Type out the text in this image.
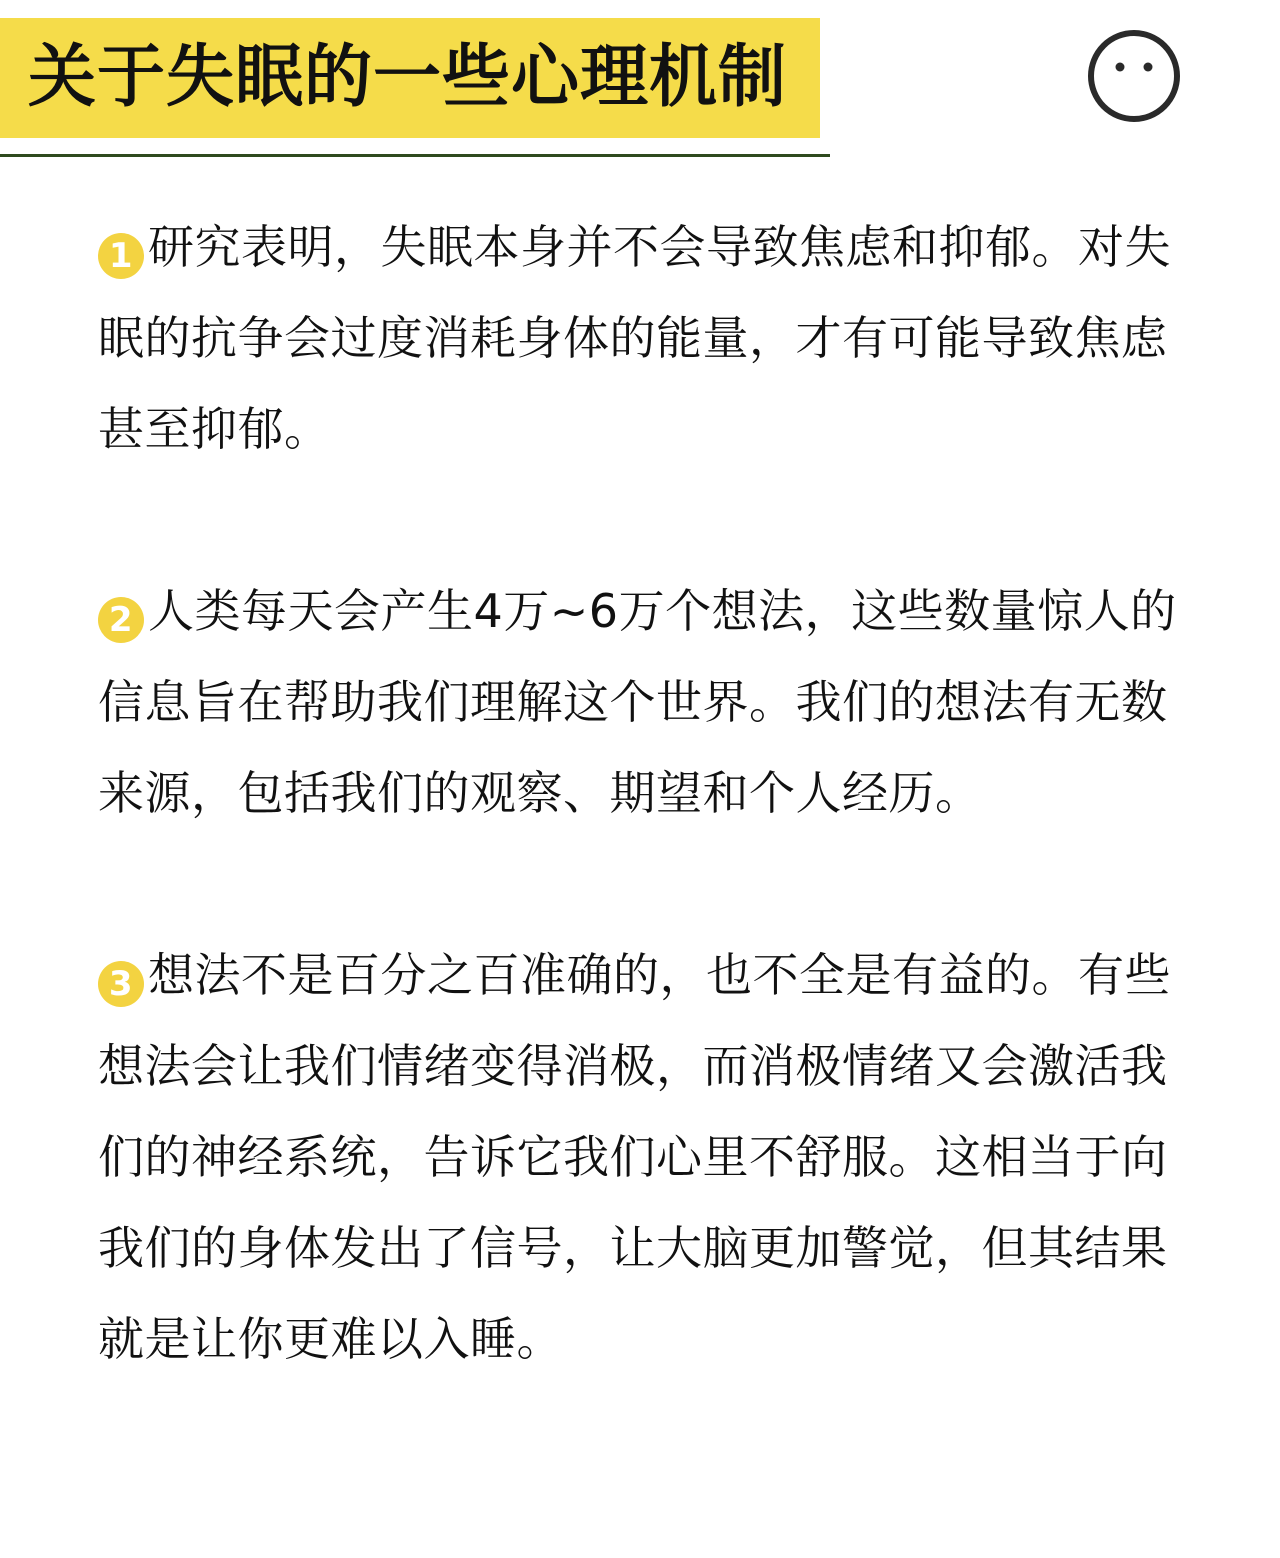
关于失眠的一些心理机制

1 研究表明，失眠本身并不会导致焦虑和抑郁。对失眠的抗争会过度消耗身体的能量，才有可能导致焦虑甚至抑郁。

2 人类每天会产生4万~6万个想法，这些数量惊人的信息旨在帮助我们理解这个世界。我们的想法有无数来源，包括我们的观察、期望和个人经历。

3 想法不是百分之百准确的，也不全是有益的。有些想法会让我们情绪变得消极，而消极情绪又会激活我们的神经系统，告诉它我们心里不舒服。这相当于向我们的身体发出了信号，让大脑更加警觉，但其结果就是让你更难以入睡。
